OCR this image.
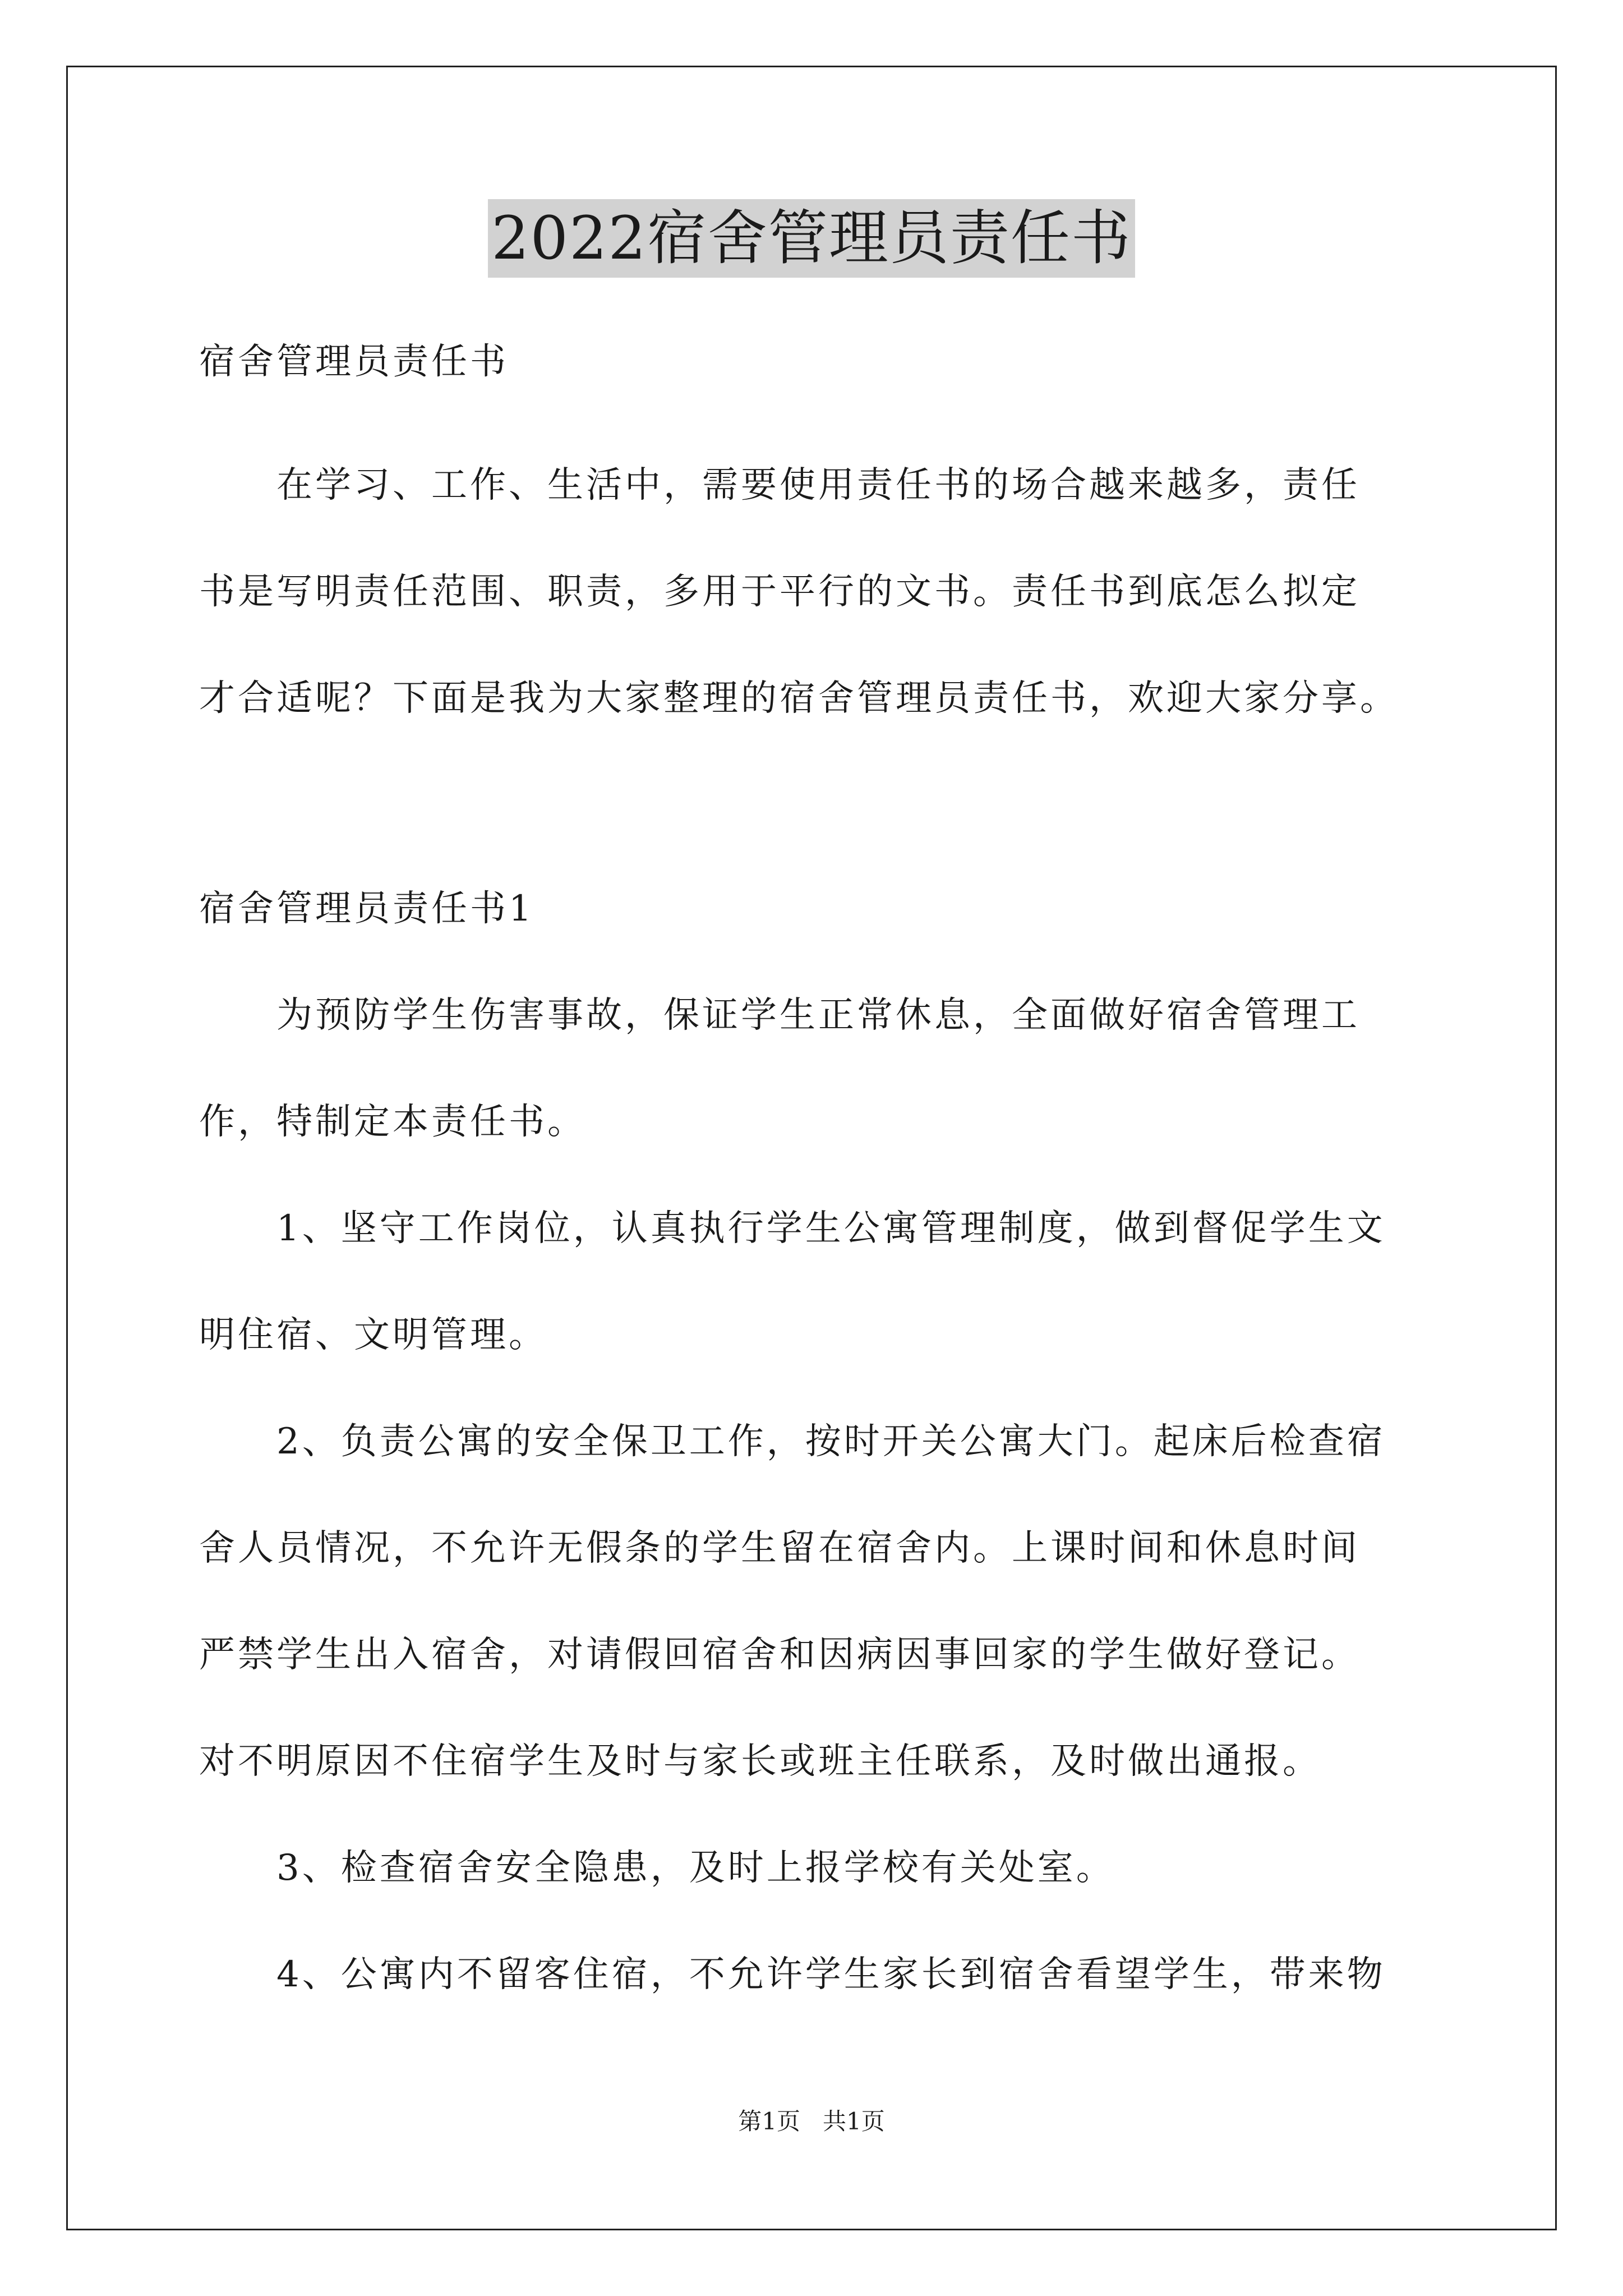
2022宿舍管理员责任书
宿舍管理员责任书
　　在学习、工作、生活中，需要使用责任书的场合越来越多，责任
书是写明责任范围、职责，多用于平行的文书。责任书到底怎么拟定
才合适呢？下面是我为大家整理的宿舍管理员责任书，欢迎大家分享。
宿舍管理员责任书1
　　为预防学生伤害事故，保证学生正常休息，全面做好宿舍管理工
作，特制定本责任书。
　　1、坚守工作岗位，认真执行学生公寓管理制度，做到督促学生文
明住宿、文明管理。
　　2、负责公寓的安全保卫工作，按时开关公寓大门。起床后检查宿
舍人员情况，不允许无假条的学生留在宿舍内。上课时间和休息时间
严禁学生出入宿舍，对请假回宿舍和因病因事回家的学生做好登记。
对不明原因不住宿学生及时与家长或班主任联系，及时做出通报。
　　3、检查宿舍安全隐患，及时上报学校有关处室。
　　4、公寓内不留客住宿，不允许学生家长到宿舍看望学生，带来物
第1页 共1页
